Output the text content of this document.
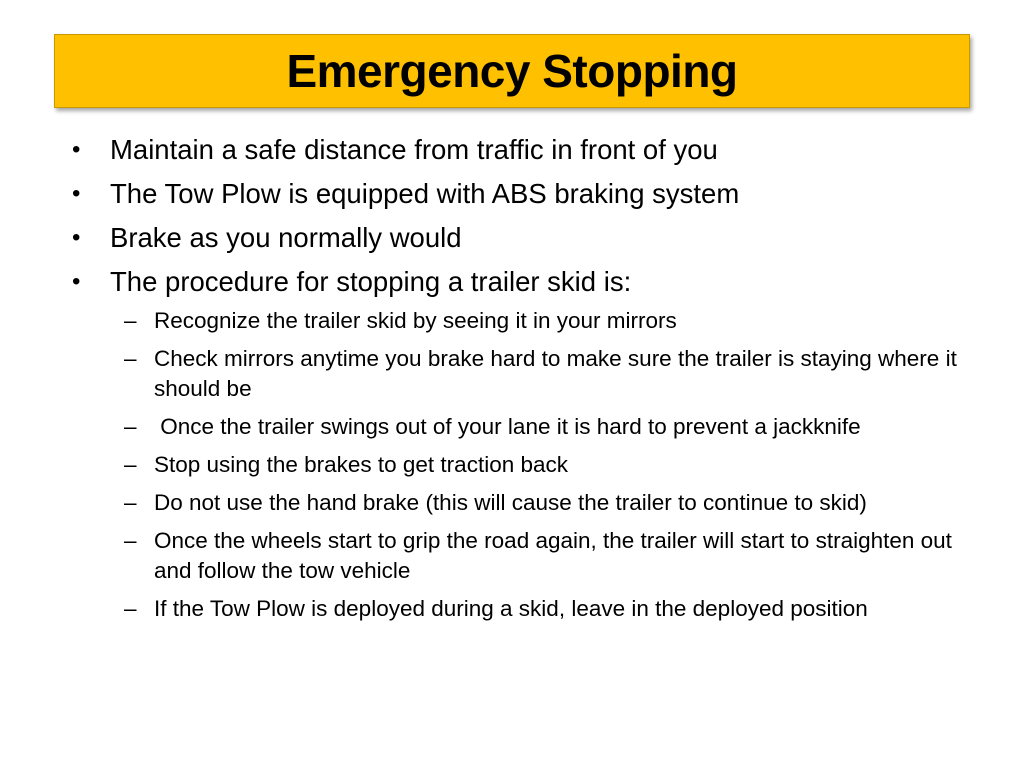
Emergency Stopping
•	Maintain a safe distance from traffic in front of you
•	The Tow Plow is equipped with ABS braking system
•	Brake as you normally would
•	The procedure for stopping a trailer skid is:
– Recognize the trailer skid by seeing it in your mirrors
– Check mirrors anytime you brake hard to make sure the trailer is staying where it should be
– Once the trailer swings out of your lane it is hard to prevent a jackknife
– Stop using the brakes to get traction back
– Do not use the hand brake (this will cause the trailer to continue to skid)
– Once the wheels start to grip the road again, the trailer will start to straighten out and follow the tow vehicle
– If the Tow Plow is deployed during a skid, leave in the deployed position
